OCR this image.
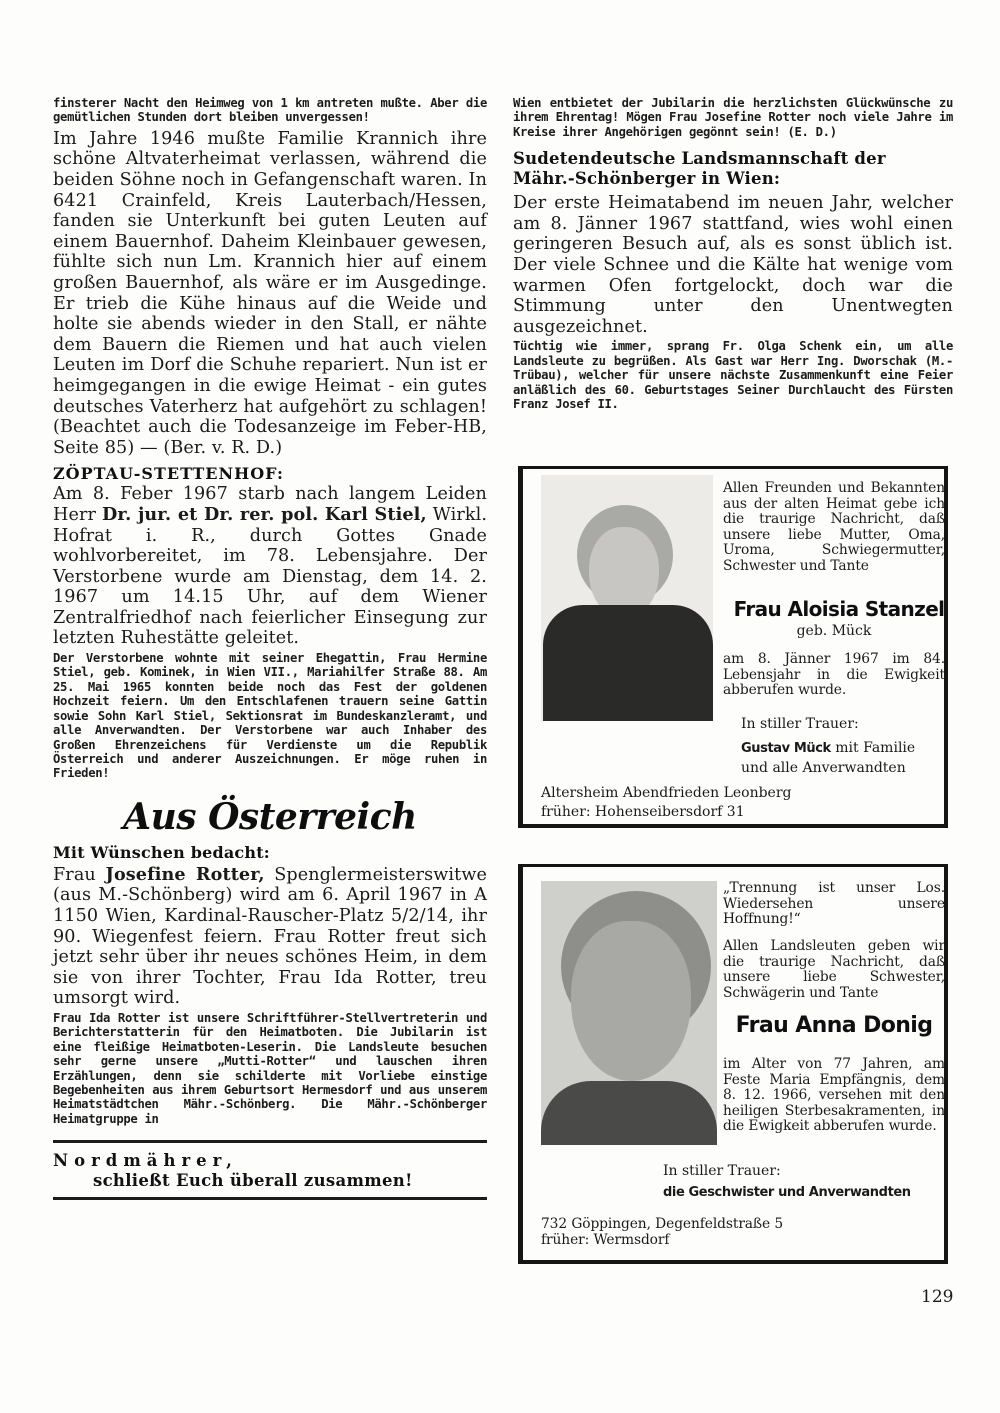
finsterer Nacht den Heimweg von 1 km antreten mußte. Aber die gemütlichen Stunden dort bleiben unvergessen!

Im Jahre 1946 mußte Familie Krannich ihre schöne Altvaterheimat verlassen, während die beiden Söhne noch in Gefangenschaft waren. In 6421 Crainfeld, Kreis Lauterbach/Hessen, fanden sie Unterkunft bei guten Leuten auf einem Bauernhof. Daheim Kleinbauer gewesen, fühlte sich nun Lm. Krannich hier auf einem großen Bauernhof, als wäre er im Ausgedinge. Er trieb die Kühe hinaus auf die Weide und holte sie abends wieder in den Stall, er nähte dem Bauern die Riemen und hat auch vielen Leuten im Dorf die Schuhe repariert. Nun ist er heimgegangen in die ewige Heimat - ein gutes deutsches Vaterherz hat aufgehört zu schlagen! (Beachtet auch die Todesanzeige im Feber-HB, Seite 85) — (Ber. v. R. D.)

ZÖPTAU-STETTENHOF:

Am 8. Feber 1967 starb nach langem Leiden Herr Dr. jur. et Dr. rer. pol. Karl Stiel, Wirkl. Hofrat i. R., durch Gottes Gnade wohlvorbereitet, im 78. Lebensjahre. Der Verstorbene wurde am Dienstag, dem 14. 2. 1967 um 14.15 Uhr, auf dem Wiener Zentralfriedhof nach feierlicher Einsegung zur letzten Ruhestätte geleitet.

Der Verstorbene wohnte mit seiner Ehegattin, Frau Hermine Stiel, geb. Kominek, in Wien VII., Mariahilfer Straße 88. Am 25. Mai 1965 konnten beide noch das Fest der goldenen Hochzeit feiern. Um den Entschlafenen trauern seine Gattin sowie Sohn Karl Stiel, Sektionsrat im Bundeskanzleramt, und alle Anverwandten. Der Verstorbene war auch Inhaber des Großen Ehrenzeichens für Verdienste um die Republik Österreich und anderer Auszeichnungen. Er möge ruhen in Frieden!

Aus Österreich
Mit Wünschen bedacht:

Frau Josefine Rotter, Spenglermeisterswitwe (aus M.-Schönberg) wird am 6. April 1967 in A 1150 Wien, Kardinal-Rauscher-Platz 5/2/14, ihr 90. Wiegenfest feiern. Frau Rotter freut sich jetzt sehr über ihr neues schönes Heim, in dem sie von ihrer Tochter, Frau Ida Rotter, treu umsorgt wird.

Frau Ida Rotter ist unsere Schriftführer-Stellvertreterin und Berichterstatterin für den Heimatboten. Die Jubilarin ist eine fleißige Heimatboten-Leserin. Die Landsleute besuchen sehr gerne unsere „Mutti-Rotter“ und lauschen ihren Erzählungen, denn sie schilderte mit Vorliebe einstige Begebenheiten aus ihrem Geburtsort Hermesdorf und aus unserem Heimatstädtchen Mähr.-Schönberg. Die Mähr.-Schönberger Heimatgruppe in

Nordmährer,
schließt Euch überall zusammen!

Wien entbietet der Jubilarin die herzlichsten Glückwünsche zu ihrem Ehrentag! Mögen Frau Josefine Rotter noch viele Jahre im Kreise ihrer Angehörigen gegönnt sein! (E. D.)

Sudetendeutsche Landsmannschaft der Mähr.-Schönberger in Wien:

Der erste Heimatabend im neuen Jahr, welcher am 8. Jänner 1967 stattfand, wies wohl einen geringeren Besuch auf, als es sonst üblich ist. Der viele Schnee und die Kälte hat wenige vom warmen Ofen fortgelockt, doch war die Stimmung unter den Unentwegten ausgezeichnet.

Tüchtig wie immer, sprang Fr. Olga Schenk ein, um alle Landsleute zu begrüßen. Als Gast war Herr Ing. Dworschak (M.-Trübau), welcher für unsere nächste Zusammenkunft eine Feier anläßlich des 60. Geburtstages Seiner Durchlaucht des Fürsten Franz Josef II.

Allen Freunden und Bekannten aus der alten Heimat gebe ich die traurige Nachricht, daß unsere liebe Mutter, Oma, Uroma, Schwiegermutter, Schwester und Tante
Frau Aloisia Stanzel
geb. Mück
am 8. Jänner 1967 im 84. Lebensjahr in die Ewigkeit abberufen wurde.
In stiller Trauer:
Gustav Mück mit Familie
und alle Anverwandten
Altersheim Abendfrieden Leonberg
früher: Hohenseibersdorf 31
„Trennung ist unser Los. Wiedersehen unsere Hoffnung!“
Allen Landsleuten geben wir die traurige Nachricht, daß unsere liebe Schwester, Schwägerin und Tante
Frau Anna Donig
im Alter von 77 Jahren, am Feste Maria Empfängnis, dem 8. 12. 1966, versehen mit den heiligen Sterbesakramenten, in die Ewigkeit abberufen wurde.
In stiller Trauer:
die Geschwister und Anverwandten
732 Göppingen, Degenfeldstraße 5
früher: Wermsdorf
129
